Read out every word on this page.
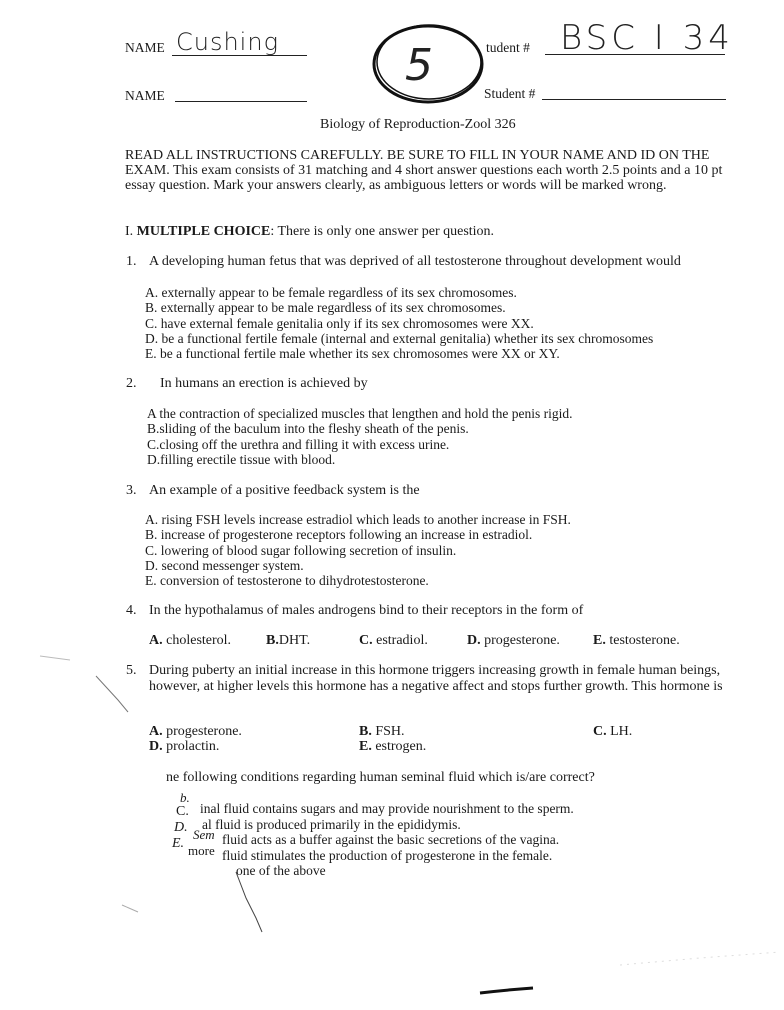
NAME Cushing
NAME
5	tudent # BSC I 34
Student #
Biology of Reproduction-Zool 326
READ ALL INSTRUCTIONS CAREFULLY. BE SURE TO FILL IN YOUR NAME AND ID ON THE EXAM. This exam consists of 31 matching and 4 short answer questions each worth 2.5 points and a 10 pt essay question. Mark your answers clearly, as ambiguous letters or words will be marked wrong.
I. MULTIPLE CHOICE: There is only one answer per question.
1. A developing human fetus that was deprived of all testosterone throughout development would
A. externally appear to be female regardless of its sex chromosomes.
B. externally appear to be male regardless of its sex chromosomes.
C. have external female genitalia only if its sex chromosomes were XX.
D. be a functional fertile female (internal and external genitalia) whether its sex chromosomes
E. be a functional fertile male whether its sex chromosomes were XX or XY.
2. In humans an erection is achieved by
A the contraction of specialized muscles that lengthen and hold the penis rigid.
B.sliding of the baculum into the fleshy sheath of the penis.
C.closing off the urethra and filling it with excess urine.
D.filling erectile tissue with blood.
3. An example of a positive feedback system is the
A. rising FSH levels increase estradiol which leads to another increase in FSH.
B. increase of progesterone receptors following an increase in estradiol.
C. lowering of blood sugar following secretion of insulin.
D. second messenger system.
E. conversion of testosterone to dihydrotestosterone.
4. In the hypothalamus of males androgens bind to their receptors in the form of
A. cholesterol. B.DHT.	C. estradiol.	D. progesterone. E. testosterone.
5. During puberty an initial increase in this hormone triggers increasing growth in female human beings, however, at higher levels this hormone has a negative affect and stops further growth. This hormone is
A. progesterone.	B. FSH.	C. LH.
D. prolactin.	E. estrogen.
ne following conditions regarding human seminal fluid which is/are correct?
b.
C.
D.
E.
Sem
more
inal fluid contains sugars and may provide nourishment to the sperm.
al fluid is produced primarily in the epididymis.
fluid acts as a buffer against the basic secretions of the vagina.
fluid stimulates the production of progesterone in the female.
one of the above
